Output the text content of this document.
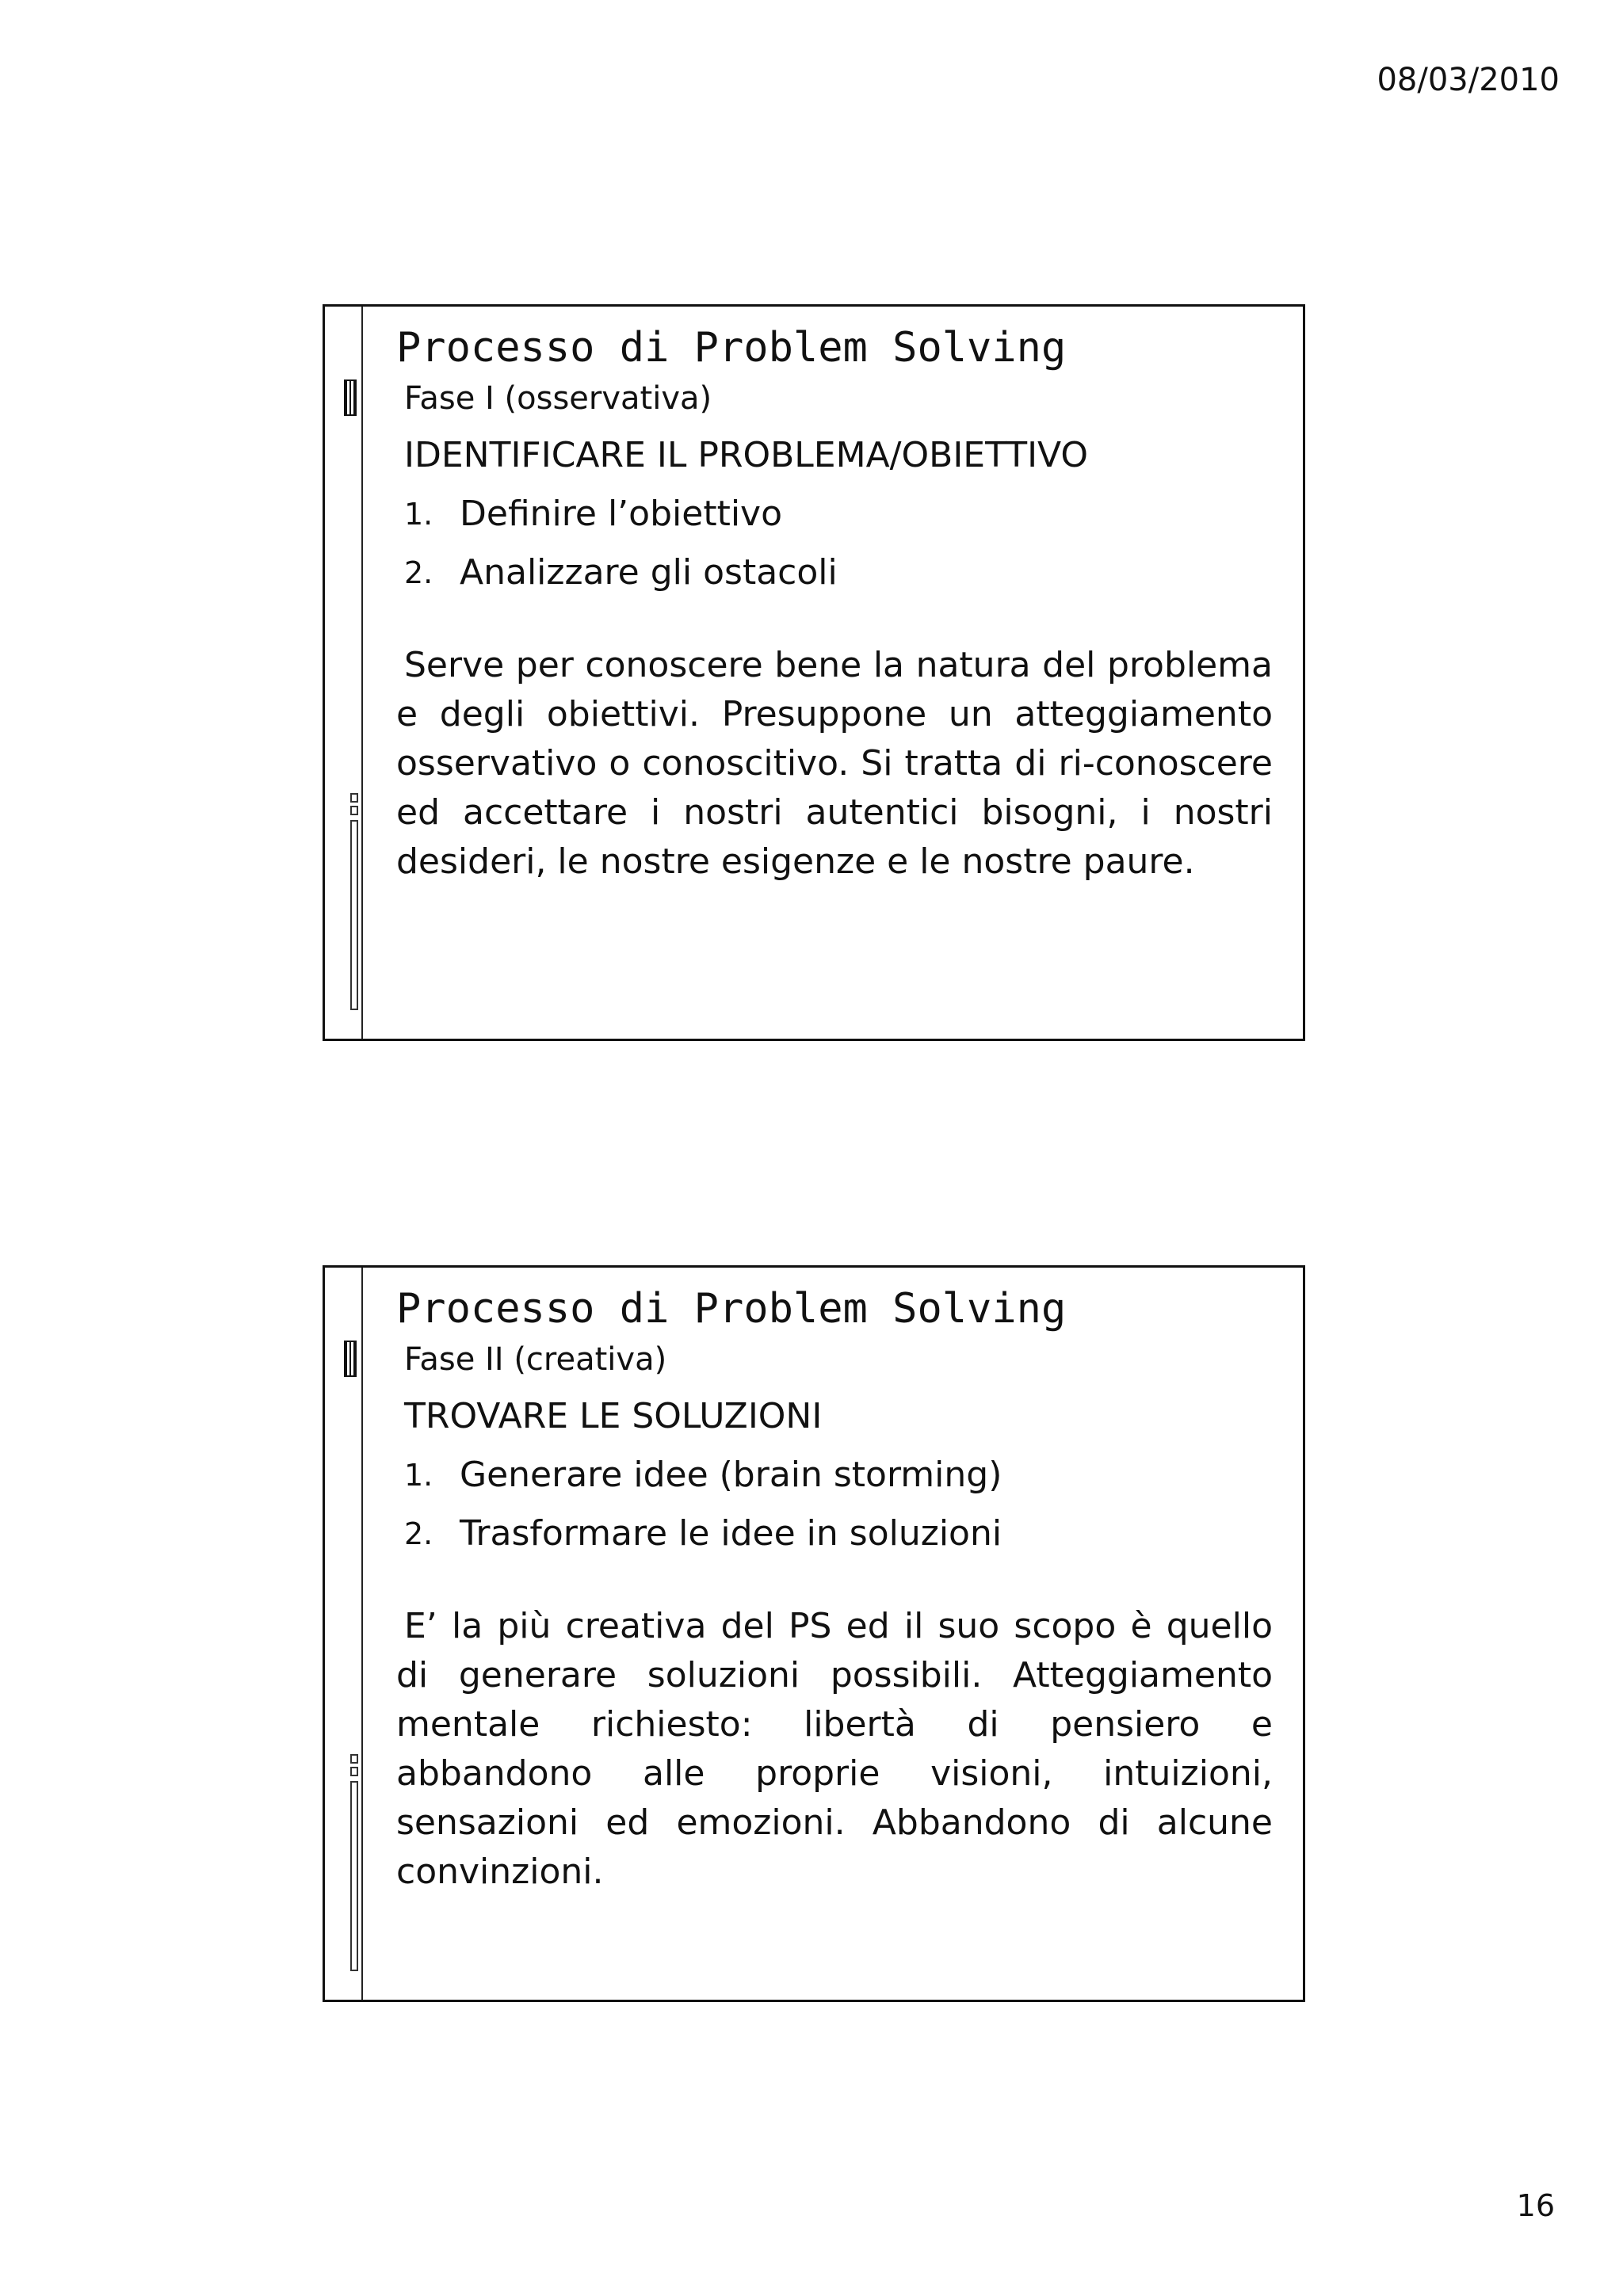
08/03/2010
Processo di Problem Solving
Fase I (osservativa)
IDENTIFICARE IL PROBLEMA/OBIETTIVO
1. Definire l’obiettivo
2. Analizzare gli ostacoli

Serve per conoscere bene la natura del problema e degli obiettivi. Presuppone un atteggiamento osservativo o conoscitivo. Si tratta di ri-conoscere ed accettare i nostri autentici bisogni, i nostri desideri, le nostre esigenze e le nostre paure.

Processo di Problem Solving
Fase II (creativa)
TROVARE LE SOLUZIONI
1. Generare idee (brain storming)
2. Trasformare le idee in soluzioni

E’ la più creativa del PS ed il suo scopo è quello di generare soluzioni possibili. Atteggiamento mentale richiesto: libertà di pensiero e abbandono alle proprie visioni, intuizioni, sensazioni ed emozioni. Abbandono di alcune convinzioni.

16
